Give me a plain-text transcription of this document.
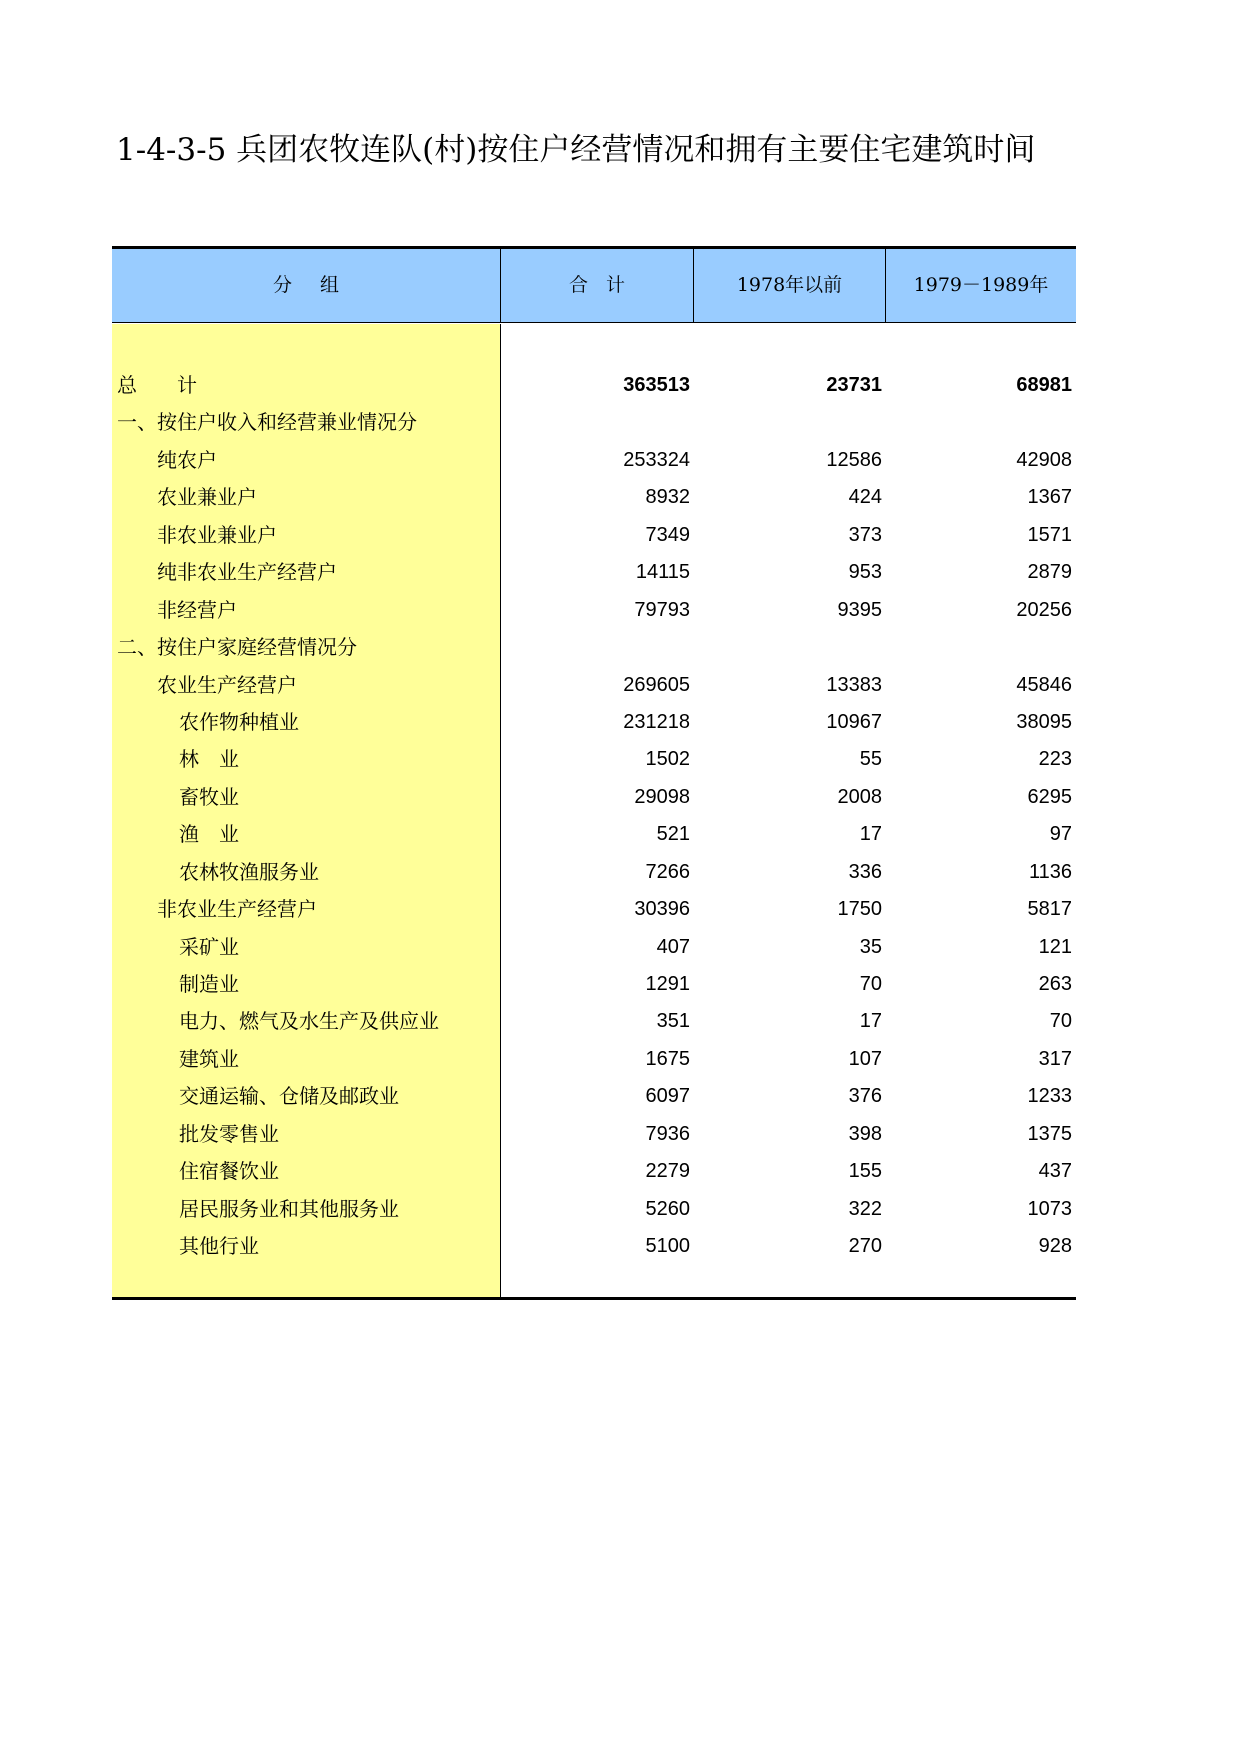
1-4-3-5 兵团农牧连队(村)按住户经营情况和拥有主要住宅建筑时间
分组	合计	1978年以前	1979－1989年
总　　计	363513	23731	68981
一、按住户收入和经营兼业情况分
纯农户	253324	12586	42908
农业兼业户	8932	424	1367
非农业兼业户	7349	373	1571
纯非农业生产经营户	14115	953	2879
非经营户	79793	9395	20256
二、按住户家庭经营情况分
农业生产经营户	269605	13383	45846
农作物种植业	231218	10967	38095
林　业	1502	55	223
畜牧业	29098	2008	6295
渔　业	521	17	97
农林牧渔服务业	7266	336	1136
非农业生产经营户	30396	1750	5817
采矿业	407	35	121
制造业	1291	70	263
电力、燃气及水生产及供应业	351	17	70
建筑业	1675	107	317
交通运输、仓储及邮政业	6097	376	1233
批发零售业	7936	398	1375
住宿餐饮业	2279	155	437
居民服务业和其他服务业	5260	322	1073
其他行业	5100	270	928
